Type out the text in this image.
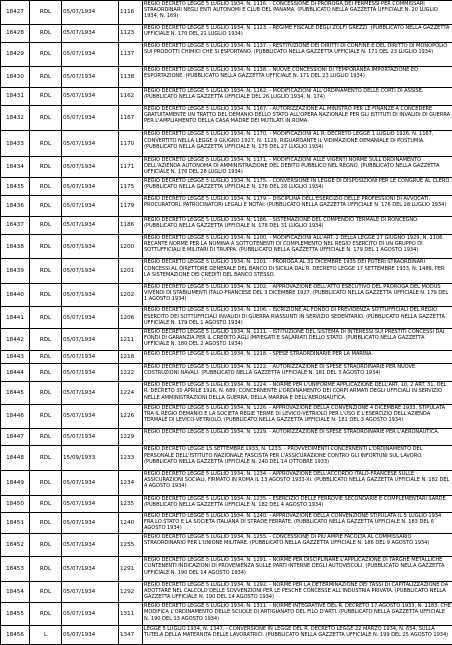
18427	RDL	05/07/1934	1116	REGIO DECRETO LEGGE 5 LUGLIO 1934, N. 1116. - CONCESSIONE DI PROROGA DEI PERMESSI PER COMMISSARI STRAORDINARI NEGLI ENTI AUTONOMI E CLUB DEL PANAMA. (PUBBLICATO NELLA GAZZETTA UFFICIALE N. 20 LUGLIO 1934, N. 169)
18428	RDL	05/07/1934	1123	REGIO DECRETO LEGGE 5 LUGLIO 1934, N. 1123. - REGIME FISCALE DEGLI ZOLFI GREZZI. (PUBBLICATO NELLA GAZZETTA UFFICIALE N. 170 DEL 21 LUGLIO 1934)
18429	RDL	05/07/1934	1137	REGIO DECRETO LEGGE 5 LUGLIO 1934, N. 1137. - RESTITUZIONE DEI DIRITTI DI CONFINE E DEL DIRITTO DI MONOPOLIO SUI PRODOTTI CHIMICI CHE SI ESPORTANO. (PUBBLICATO NELLA GAZZETTA UFFICIALE N. 171 DEL 23 LUGLIO 1934)
18430	RDL	05/07/1934	1138	REGIO DECRETO LEGGE 5 LUGLIO 1934, N. 1138. - NUOVE CONCESSIONI DI TEMPORANEA IMPORTAZIONE ED ESPORTAZIONE. (PUBBLICATO NELLA GAZZETTA UFFICIALE N. 171 DEL 23 LUGLIO 1934)
18431	RDL	05/07/1934	1162	REGIO DECRETO LEGGE 5 LUGLIO 1934, N. 1162. - MODIFICAZIONI ALL'ORDINAMENTO DELLE CORTI DI ASSISE. (PUBBLICATO NELLA GAZZETTA UFFICIALE DEL 26 LUGLIO 1934, N. 174)
18432	RDL	05/07/1934	1167	REGIO DECRETO LEGGE 5 LUGLIO 1934, N. 1167. - AUTORIZZAZIONE AL MINISTRO PER LE FINANZE A CONCEDERE GRATUITAMENTE UN TRATTO DEL DEMANIO DELLO STATO ALL'OPERA NAZIONALE PER GLI ISTITUTI DI INVALIDI DI GUERRA PER L'AMPLIAMENTO DELLA CASA MADRE DEI MUTILATI IN ROMA.
18433	RDL	05/07/1934	1170	REGIO DECRETO LEGGE 5 LUGLIO 1934, N. 1170. - MODIFICAZIONI AL R. DECRETO LEGGE 1 LUGLIO 1926, N. 1167, CONVERTITO NELLA LEGGE 9 GIUGNO 1927, N. 1129, RIGUARDANTE IL VIDIMAZIONE DEMANIALE DI POSTUMIA. (PUBBLICATO NELLA GAZZETTA UFFICIALE N. 175 DEL 27 LUGLIO 1934)
18434	RDL	05/07/1934	1171	REGIO DECRETO LEGGE 5 LUGLIO 1934, N. 1171. - MODIFICAZIONI ALLE VIGENTI NORME SULL'ORDINAMENTO DELL'AZIENDA AUTONOMA DI AMMINISTRAZIONE DEL DEBITO PUBBLICO NEL REGNO. (PUBBLICATO NELLA GAZZETTA UFFICIALE N. 176 DEL 28 LUGLIO 1934)
18435	RDL	05/07/1934	1175	REGIO DECRETO LEGGE 5 LUGLIO 1934, N. 1175. - CONVERSIONE IN LEGGE DI DISPOSIZIONI PER LE CONGRUE AL CLERO. (PUBBLICATO NELLA GAZZETTA UFFICIALE N. 176 DEL 28 LUGLIO 1934)
18436	RDL	05/07/1934	1179	REGIO DECRETO LEGGE 5 LUGLIO 1934, N. 1179. - DISCIPLINA DELL'ESERCIZIO DELLE PROFESSIONI DI AVVOCATI, PROCURATORI, PATROCINATORI LEGALI E NOTAI. (PUBBLICATO NELLA GAZZETTA UFFICIALE N. 176 DEL 28 LUGLIO 1934)
18437	RDL	05/07/1934	1186	REGIO DECRETO LEGGE 5 LUGLIO 1934, N. 1186. - SISTEMAZIONE DEL COMPENDIO TERMALE DI RONCEGNO. (PUBBLICATO NELLA GAZZETTA UFFICIALE N. 178 DEL 31 LUGLIO 1934)
18438	RDL	05/07/1934	1200	REGIO DECRETO LEGGE 5 LUGLIO 1934, N. 1200. - MODIFICAZIONI ALL'ART. 2 DELLA LEGGE 27 GIUGNO 1929, N. 1106, RECANTE NORME PER LA NOMINA A SOTTOTENENTI DI COMPLEMENTO NEL REGIO ESERCITO DI UN GRUPPO DI SOTTUFFICIALI E MILITARI DI TRUPPA. (PUBBLICATO NELLA GAZZETTA UFFICIALE N. 179 DEL 1 AGOSTO 1934)
18439	RDL	05/07/1934	1201	REGIO DECRETO LEGGE 5 LUGLIO 1934, N. 1201. - PROROGA AL 31 DICEMBRE 1935 DEI POTERI STRAORDINARI CONCESSI AL DIRETTORE GENERALE DEL BANCO DI SICILIA DAL R. DECRETO LEGGE 17 SETTEMBRE 1933, N. 1486, PER LA SISTEMAZIONE DEI CREDITI DEL BANCO STESSO.
18440	RDL	05/07/1934	1202	REGIO DECRETO LEGGE 5 LUGLIO 1934, N. 1202. - APPROVAZIONE DELL'ATTO ESECUTIVO DEL PROROGA DEL MODUS VIVENDI DI STABILIMENTI ITALO-FRANCESE DEL 3 DICEMBRE 1927. (PUBBLICATO NELLA GAZZETTA UFFICIALE N. 179 DEL 1 AGOSTO 1934)
18441	RDL	05/07/1934	1206	REGIO DECRETO LEGGE 5 LUGLIO 1934, N. 1206. - ISCRIZIONE AL FONDO DI PREVIDENZA SOTTUFFICIALI DEL REGIO ESERCITO DEI SOTTUFFICIALI INVALIDI DI GUERRA RIASSUNTI IN SERVIZIO SEDENTARIO. (PUBBLICATO NELLA GAZZETTA UFFICIALE N. 179 DEL 1 AGOSTO 1934)
18442	RDL	05/07/1934	1211	REGIO DECRETO LEGGE 5 LUGLIO 1934, N. 1211. - ISTITUZIONE DEL SISTEMA DI INTERESSI SUI PRESTITI CONCESSI DAI FONDI DI GARANZIA PER IL CREDITO AGLI IMPIEGATI E SALARIATI DELLO STATO. (PUBBLICATO NELLA GAZZETTA UFFICIALE N. 180 DEL 2 AGOSTO 1934)
18443	RDL	05/07/1934	1218	REGIO DECRETO LEGGE 5 LUGLIO 1934, N. 1218. - SPESE STRAORDINARIE PER LA MARINA.
18444	RDL	05/07/1934	1222	REGIO DECRETO LEGGE 5 LUGLIO 1934, N. 1222. - AUTORIZZAZIONE DI SPESE STRAORDINARIE PER NUOVE COSTRUZIONI NAVALI. (PUBBLICATO NELLA GAZZETTA UFFICIALE N. 181 DEL 3 AGOSTO 1934)
18445	RDL	05/07/1934	1224	REGIO DECRETO LEGGE 5 LUGLIO 1934, N. 1224. - NORME PER L'UNIFORME APPLICAZIONE DELL'ART. 10, 2 ART. 31, DEL R. DECRETO 30 APRILE 1926, N. 689, CONCERNENTE L'ORDINAMENTO DEI CORPI ARMATI DEGLI UFFICIALI IN SERVIZIO NELLE AMMINISTRAZIONI DELLA GUERRA, DELLA MARINA E DELL'AERONAUTICA.
18446	RDL	05/07/1934	1226	REGIO DECRETO LEGGE 5 LUGLIO 1934, N. 1226. - APPROVAZIONE DELLA CONVENZIONE 4 DICEMBRE 1933, STIPULATA TRA IL REGIO DEMANIO E LA SOCIETA REGIE TERME DI LEVICO-VETRIOLO PER L'USO E L'ESERCIZIO DELL'AZIENDA TERMALE DI LEVICO-VETRIOLO. (PUBBLICATO NELLA GAZZETTA UFFICIALE N. 181 DEL 3 AGOSTO 1934)
18447	RDL	05/07/1934	1229	REGIO DECRETO LEGGE 5 LUGLIO 1934, N. 1229. - AUTORIZZAZIONE DI SPESE STRAORDINARIE PER L'AERONAUTICA.
18448	RDL	15/09/1933	1233	REGIO DECRETO LEGGE 15 SETTEMBRE 1933, N. 1233. - PROVVEDIMENTI CONCERNENTI L'ORDINAMENTO DEL PERSONALE DELL'ISTITUTO NAZIONALE FASCISTA PER L'ASSICURAZIONE CONTRO GLI INFORTUNI SUL LAVORO. (PUBBLICATO NELLA GAZZETTA UFFICIALE N. 240 DEL 14 OTTOBRE 1933)
18449	RDL	05/07/1934	1234	REGIO DECRETO LEGGE 5 LUGLIO 1934, N. 1234. - APPROVAZIONE DELL'ACCORDO ITALO-FRANCESE SULLE ASSICURAZIONI SOCIALI, FIRMATO IN ROMA IL 13 AGOSTO 1933-XI. (PUBBLICATO NELLA GAZZETTA UFFICIALE N. 182 DEL 4 AGOSTO 1934)
18450	RDL	05/07/1934	1235	REGIO DECRETO LEGGE 5 LUGLIO 1934, N. 1235. - ESERCIZIO DELLE FERROVIE SECONDARIE E COMPLEMENTARI SARDE. (PUBBLICATO NELLA GAZZETTA UFFICIALE N. 182 DEL 4 AGOSTO 1934)
18451	RDL	05/07/1934	1240	REGIO DECRETO LEGGE 5 LUGLIO 1934, N. 1240. - APPROVAZIONE DELLA CONVENZIONE STIPULATA IL 5 LUGLIO 1934 FRA LO STATO E LA SOCIETA ITALIANA DI STRADE FERRATE. (PUBBLICATO NELLA GAZZETTA UFFICIALE N. 183 DEL 6 AGOSTO 1934)
18452	RDL	05/07/1934	1255	REGIO DECRETO LEGGE 5 LUGLIO 1934, N. 1255. - CONCESSIONE DI PIU AMPIE FACOLTA AL COMMISSARIO STRAORDINARIO PER L'UNIONE MILITARE. (PUBBLICATO NELLA GAZZETTA UFFICIALE N. 186 DEL 9 AGOSTO 1934)
18453	RDL	05/07/1934	1291	REGIO DECRETO LEGGE 5 LUGLIO 1934, N. 1291. - NORME PER DISCIPLINARE L'APPLICAZIONE DI TARGHE METALLICHE CONTENENTI INDICAZIONI DI PROVENIENZA SULLE PARTI INTERNE DEGLI AUTOVEICOLI. (PUBBLICATO NELLA GAZZETTA UFFICIALE N. 190 DEL 14 AGOSTO 1934)
18454	RDL	05/07/1934	1292	REGIO DECRETO LEGGE 5 LUGLIO 1934, N. 1292. - NORME PER LA DETERMINAZIONE DEI TASSI DI CAPITALIZZAZIONE DA ADOTTARE NEL CALCOLO DELLE SOVVENZIONI PER LE PESCHE CONCESSE ALL'INDUSTRIA PRIVATA. (PUBBLICATO NELLA GAZZETTA UFFICIALE N. 190 DEL 14 AGOSTO 1934)
18455	RDL	05/07/1934	1311	REGIO DECRETO LEGGE 5 LUGLIO 1934, N. 1311. - NORME INTEGRATIVE DEL R. DECRETO 17 AGOSTO 1933, N. 1183, CHE MODIFICA L'ORDINAMENTO DELLE SCUOLE DI ARTIGIANATO DEL FILO D'ARTI. (PUBBLICATO NELLA GAZZETTA UFFICIALE N. 190 DEL 13 AGOSTO 1934)
18456	L	05/07/1934	1347	LEGGE 5 LUGLIO 1934, N. 1347. - CONVERSIONE IN LEGGE DEL R. DECRETO LEGGE 22 MARZO 1934, N. 654, SULLA TUTELA DELLA MATERNITA DELLE LAVORATRICI. (PUBBLICATO NELLA GAZZETTA UFFICIALE N. 199 DEL 25 AGOSTO 1934)
